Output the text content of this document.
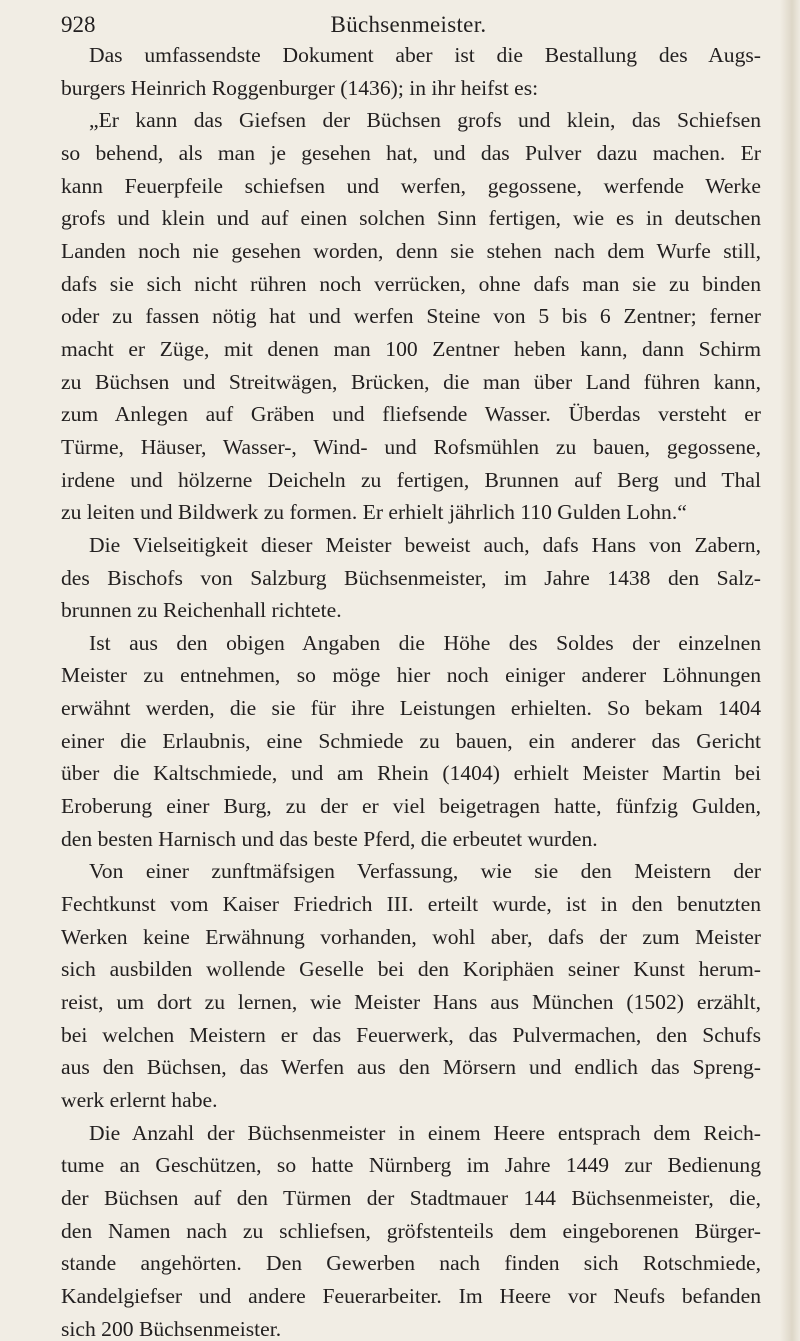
928	Büchsenmeister.

Das umfassendste Dokument aber ist die Bestallung des Augs-
burgers Heinrich Roggenburger (1436); in ihr heifst es:

„Er kann das Giefsen der Büchsen grofs und klein, das Schiefsen
so behend, als man je gesehen hat, und das Pulver dazu machen. Er
kann Feuerpfeile schiefsen und werfen, gegossene, werfende Werke
grofs und klein und auf einen solchen Sinn fertigen, wie es in deutschen
Landen noch nie gesehen worden, denn sie stehen nach dem Wurfe still,
dafs sie sich nicht rühren noch verrücken, ohne dafs man sie zu binden
oder zu fassen nötig hat und werfen Steine von 5 bis 6 Zentner; ferner
macht er Züge, mit denen man 100 Zentner heben kann, dann Schirm
zu Büchsen und Streitwägen, Brücken, die man über Land führen kann,
zum Anlegen auf Gräben und fliefsende Wasser. Überdas versteht er
Türme, Häuser, Wasser-, Wind- und Rofsmühlen zu bauen, gegossene,
irdene und hölzerne Deicheln zu fertigen, Brunnen auf Berg und Thal
zu leiten und Bildwerk zu formen. Er erhielt jährlich 110 Gulden Lohn.“

Die Vielseitigkeit dieser Meister beweist auch, dafs Hans von Zabern,
des Bischofs von Salzburg Büchsenmeister, im Jahre 1438 den Salz-
brunnen zu Reichenhall richtete.

Ist aus den obigen Angaben die Höhe des Soldes der einzelnen
Meister zu entnehmen, so möge hier noch einiger anderer Löhnungen
erwähnt werden, die sie für ihre Leistungen erhielten. So bekam 1404
einer die Erlaubnis, eine Schmiede zu bauen, ein anderer das Gericht
über die Kaltschmiede, und am Rhein (1404) erhielt Meister Martin bei
Eroberung einer Burg, zu der er viel beigetragen hatte, fünfzig Gulden,
den besten Harnisch und das beste Pferd, die erbeutet wurden.

Von einer zunftmäfsigen Verfassung, wie sie den Meistern der
Fechtkunst vom Kaiser Friedrich III. erteilt wurde, ist in den benutzten
Werken keine Erwähnung vorhanden, wohl aber, dafs der zum Meister
sich ausbilden wollende Geselle bei den Koriphäen seiner Kunst herum-
reist, um dort zu lernen, wie Meister Hans aus München (1502) erzählt,
bei welchen Meistern er das Feuerwerk, das Pulvermachen, den Schufs
aus den Büchsen, das Werfen aus den Mörsern und endlich das Spreng-
werk erlernt habe.

Die Anzahl der Büchsenmeister in einem Heere entsprach dem Reich-
tume an Geschützen, so hatte Nürnberg im Jahre 1449 zur Bedienung
der Büchsen auf den Türmen der Stadtmauer 144 Büchsenmeister, die,
den Namen nach zu schliefsen, gröfstenteils dem eingeborenen Bürger-
stande angehörten. Den Gewerben nach finden sich Rotschmiede,
Kandelgiefser und andere Feuerarbeiter. Im Heere vor Neufs befanden
sich 200 Büchsenmeister.
